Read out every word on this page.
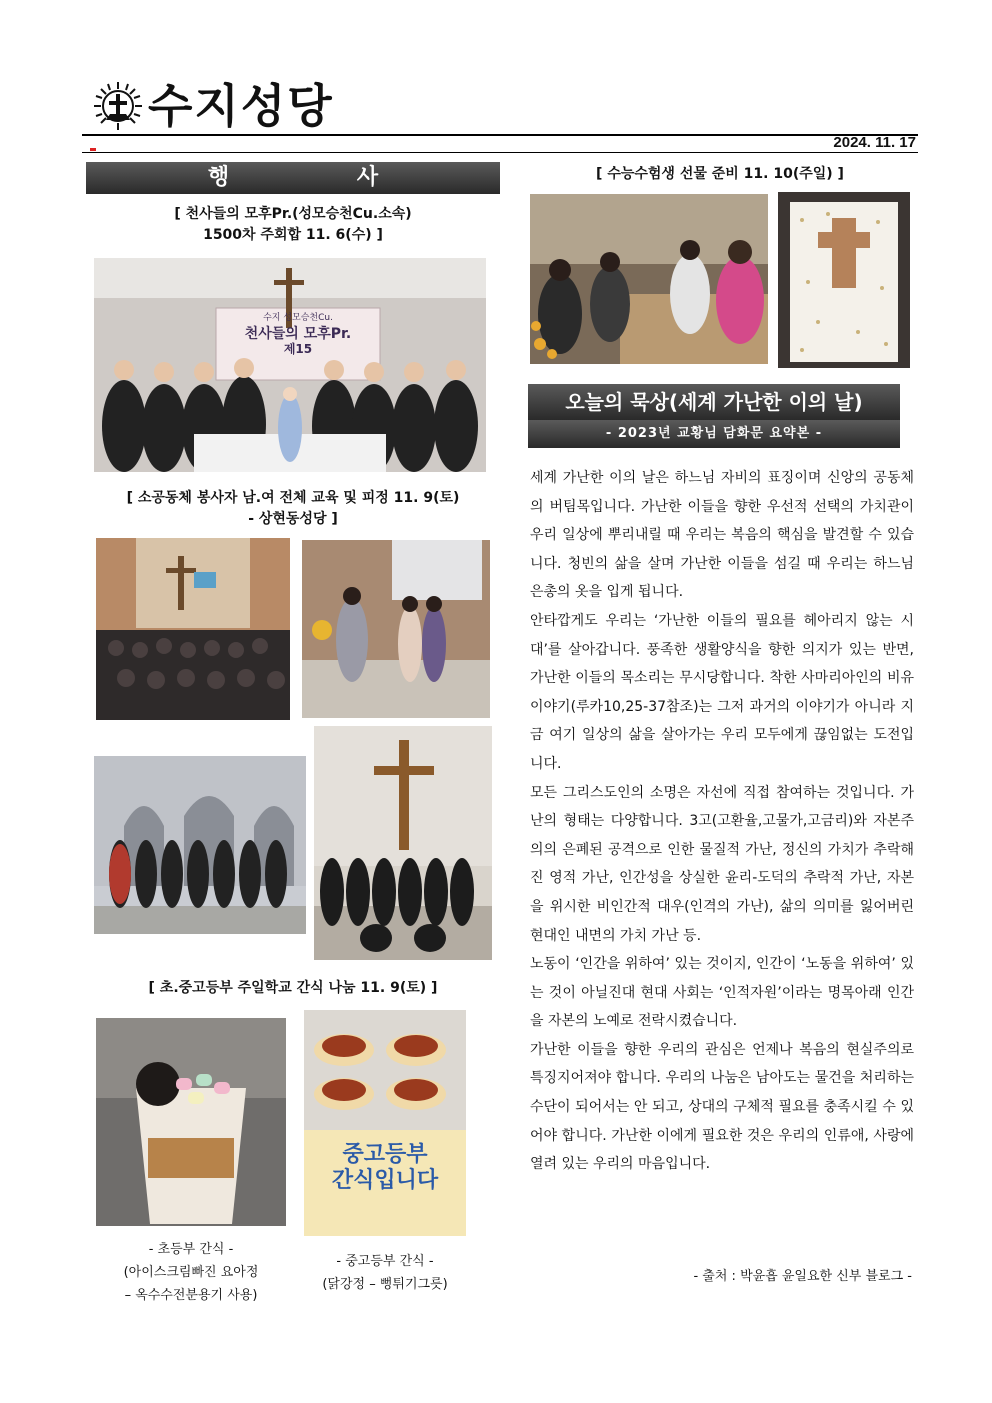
수지성당
2024. 11. 17
행 사
[ 천사들의 모후Pr.(성모승천Cu.소속)
1500차 주회합 11. 6(수) ]
수지 성모승천Cu.
천사들의 모후Pr.
제15
[ 소공동체 봉사자 남.여 전체 교육 및 피정 11. 9(토)
- 상현동성당 ]
[ 초.중고등부 주일학교 간식 나눔 11. 9(토) ]
중고등부
간식입니다
- 초등부 간식 -
(아이스크림빠진 요아정
– 옥수수전분용기 사용)
- 중고등부 간식 -
(닭강정 – 뻥튀기그릇)
[ 수능수험생 선물 준비 11. 10(주일) ]
오늘의 묵상(세계 가난한 이의 날)
- 2023년 교황님 담화문 요약본 -

세계 가난한 이의 날은 하느님 자비의 표징이며 신앙의 공동체의 버팀목입니다. 가난한 이들을 향한 우선적 선택의 가치관이 우리 일상에 뿌리내릴 때 우리는 복음의 핵심을 발견할 수 있습니다. 청빈의 삶을 살며 가난한 이들을 섬길 때 우리는 하느님 은총의 옷을 입게 됩니다.

안타깝게도 우리는 ‘가난한 이들의 필요를 헤아리지 않는 시대’를 살아갑니다. 풍족한 생활양식을 향한 의지가 있는 반면, 가난한 이들의 목소리는 무시당합니다. 착한 사마리아인의 비유 이야기(루카10,25-37참조)는 그저 과거의 이야기가 아니라 지금 여기 일상의 삶을 살아가는 우리 모두에게 끊임없는 도전입니다.

모든 그리스도인의 소명은 자선에 직접 참여하는 것입니다. 가난의 형태는 다양합니다. 3고(고환율,고물가,고금리)와 자본주의의 은폐된 공격으로 인한 물질적 가난, 정신의 가치가 추락해진 영적 가난, 인간성을 상실한 윤리-도덕의 추락적 가난, 자본을 위시한 비인간적 대우(인격의 가난), 삶의 의미를 잃어버린 현대인 내면의 가치 가난 등.

노동이 ‘인간을 위하여’ 있는 것이지, 인간이 ‘노동을 위하여’ 있는 것이 아닐진대 현대 사회는 ‘인적자원’이라는 명목아래 인간을 자본의 노예로 전락시켰습니다.

가난한 이들을 향한 우리의 관심은 언제나 복음의 현실주의로 특징지어져야 합니다. 우리의 나눔은 남아도는 물건을 처리하는 수단이 되어서는 안 되고, 상대의 구체적 필요를 충족시킬 수 있어야 합니다. 가난한 이에게 필요한 것은 우리의 인류애, 사랑에 열려 있는 우리의 마음입니다.

- 출처 : 박윤흡 윤일요한 신부 블로그 -
